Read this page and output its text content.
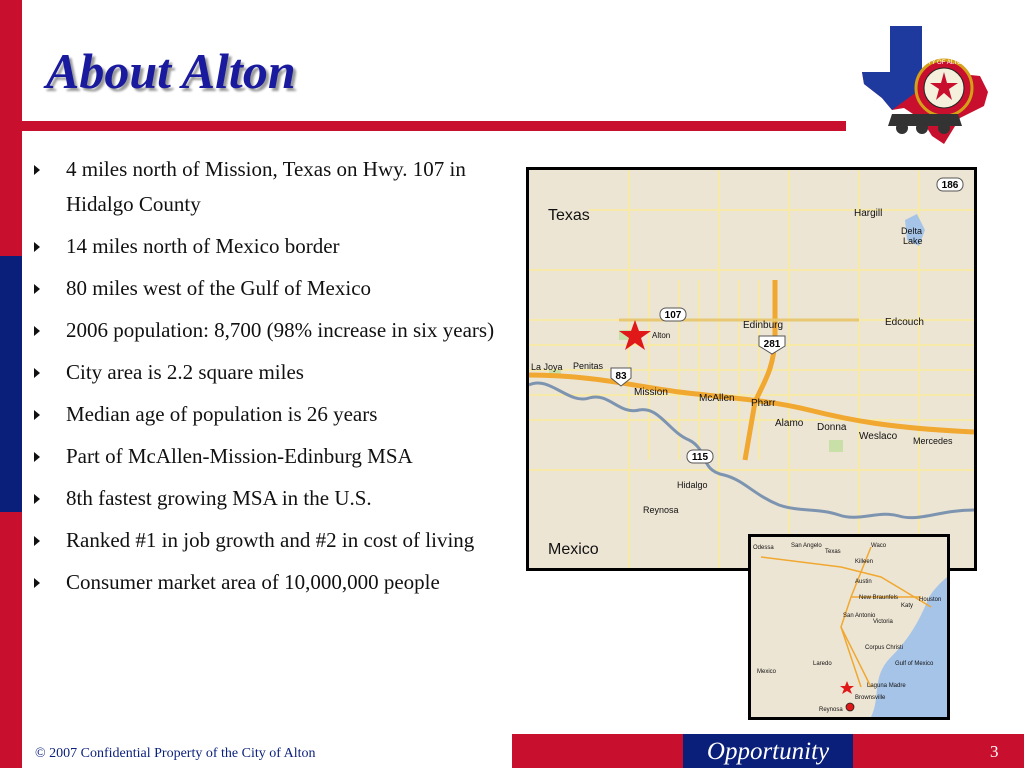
About Alton	CITY OF ALTON
4 miles north of Mission, Texas on Hwy. 107 in Hidalgo County
14 miles north of Mexico border
80 miles west of the Gulf of Mexico
2006 population: 8,700 (98% increase in six years)
City area is 2.2 square miles
Median age of population is 26 years
Part of McAllen-Mission-Edinburg MSA
8th fastest growing MSA in the U.S.
Ranked #1 in job growth and #2 in cost of living
Consumer market area of 10,000,000 people
186
107
281
83
115
Texas
Mexico
Hargill
Delta
Lake
Edinburg	Edcouch
Alton
La Joya Penitas
Mission
McAllen Pharr
Alamo Donna
Weslaco Mercedes
Hidalgo
Reynosa
Odessa	San Angelo
Texas
Waco
Killeen
Austin
New Braunfels
Katy
Houston
San Antonio
Victoria
Corpus Christi
Gulf of Mexico
Mexico
Laredo
Laguna Madre
Brownsville
Reynosa
Opportunity	3
© 2007 Confidential Property of the City of Alton
